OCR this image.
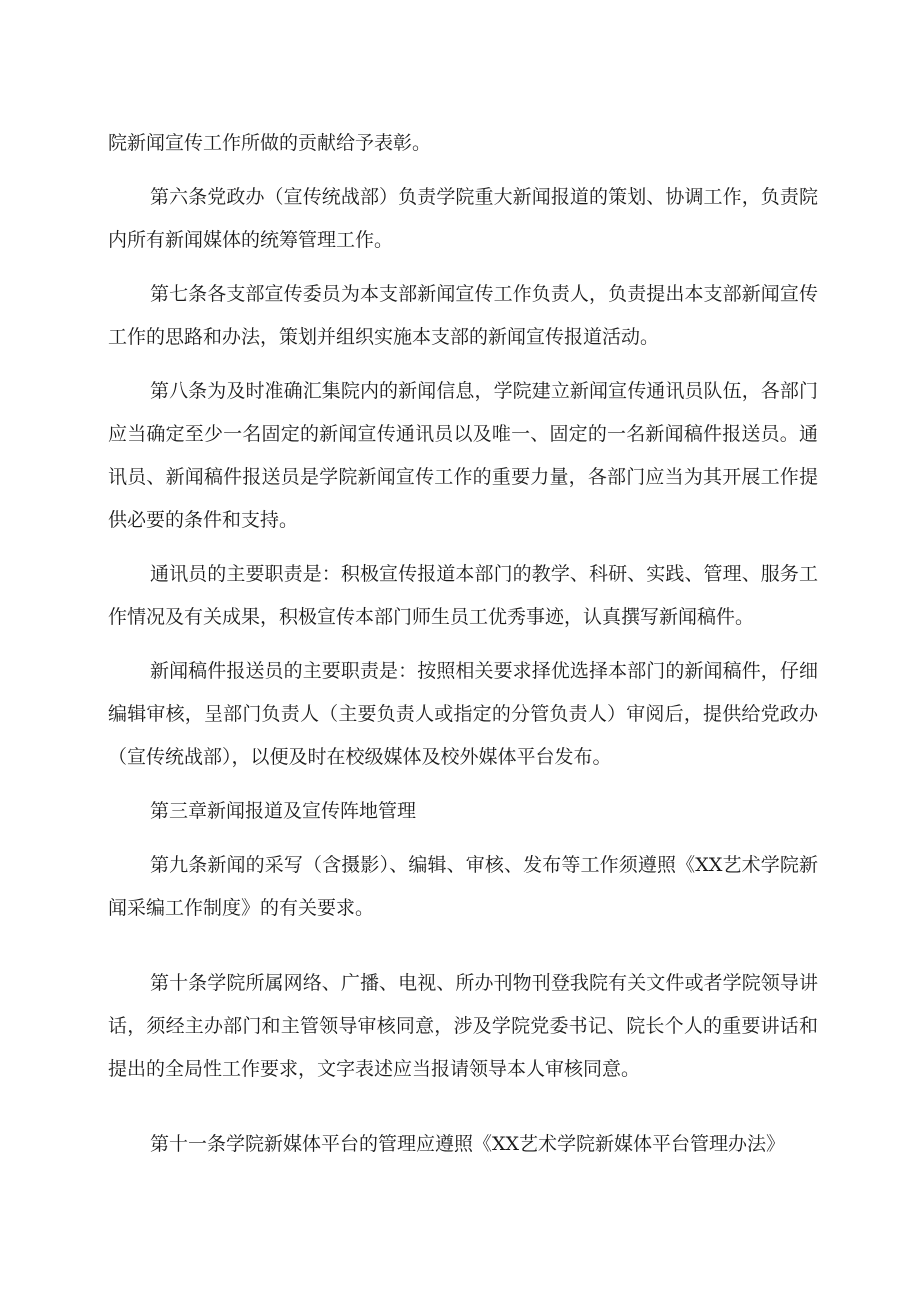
院新闻宣传工作所做的贡献给予表彰。

第六条党政办（宣传统战部）负责学院重大新闻报道的策划、协调工作，负责院内所有新闻媒体的统筹管理工作。

第七条各支部宣传委员为本支部新闻宣传工作负责人，负责提出本支部新闻宣传工作的思路和办法，策划并组织实施本支部的新闻宣传报道活动。

第八条为及时准确汇集院内的新闻信息，学院建立新闻宣传通讯员队伍，各部门应当确定至少一名固定的新闻宣传通讯员以及唯一、固定的一名新闻稿件报送员。通讯员、新闻稿件报送员是学院新闻宣传工作的重要力量，各部门应当为其开展工作提供必要的条件和支持。

通讯员的主要职责是：积极宣传报道本部门的教学、科研、实践、管理、服务工作情况及有关成果，积极宣传本部门师生员工优秀事迹，认真撰写新闻稿件。

新闻稿件报送员的主要职责是：按照相关要求择优选择本部门的新闻稿件，仔细编辑审核，呈部门负责人（主要负责人或指定的分管负责人）审阅后，提供给党政办（宣传统战部），以便及时在校级媒体及校外媒体平台发布。

第三章新闻报道及宣传阵地管理

第九条新闻的采写（含摄影）、编辑、审核、发布等工作须遵照《XX艺术学院新闻采编工作制度》的有关要求。

第十条学院所属网络、广播、电视、所办刊物刊登我院有关文件或者学院领导讲话，须经主办部门和主管领导审核同意，涉及学院党委书记、院长个人的重要讲话和提出的全局性工作要求，文字表述应当报请领导本人审核同意。

第十一条学院新媒体平台的管理应遵照《XX艺术学院新媒体平台管理办法》
